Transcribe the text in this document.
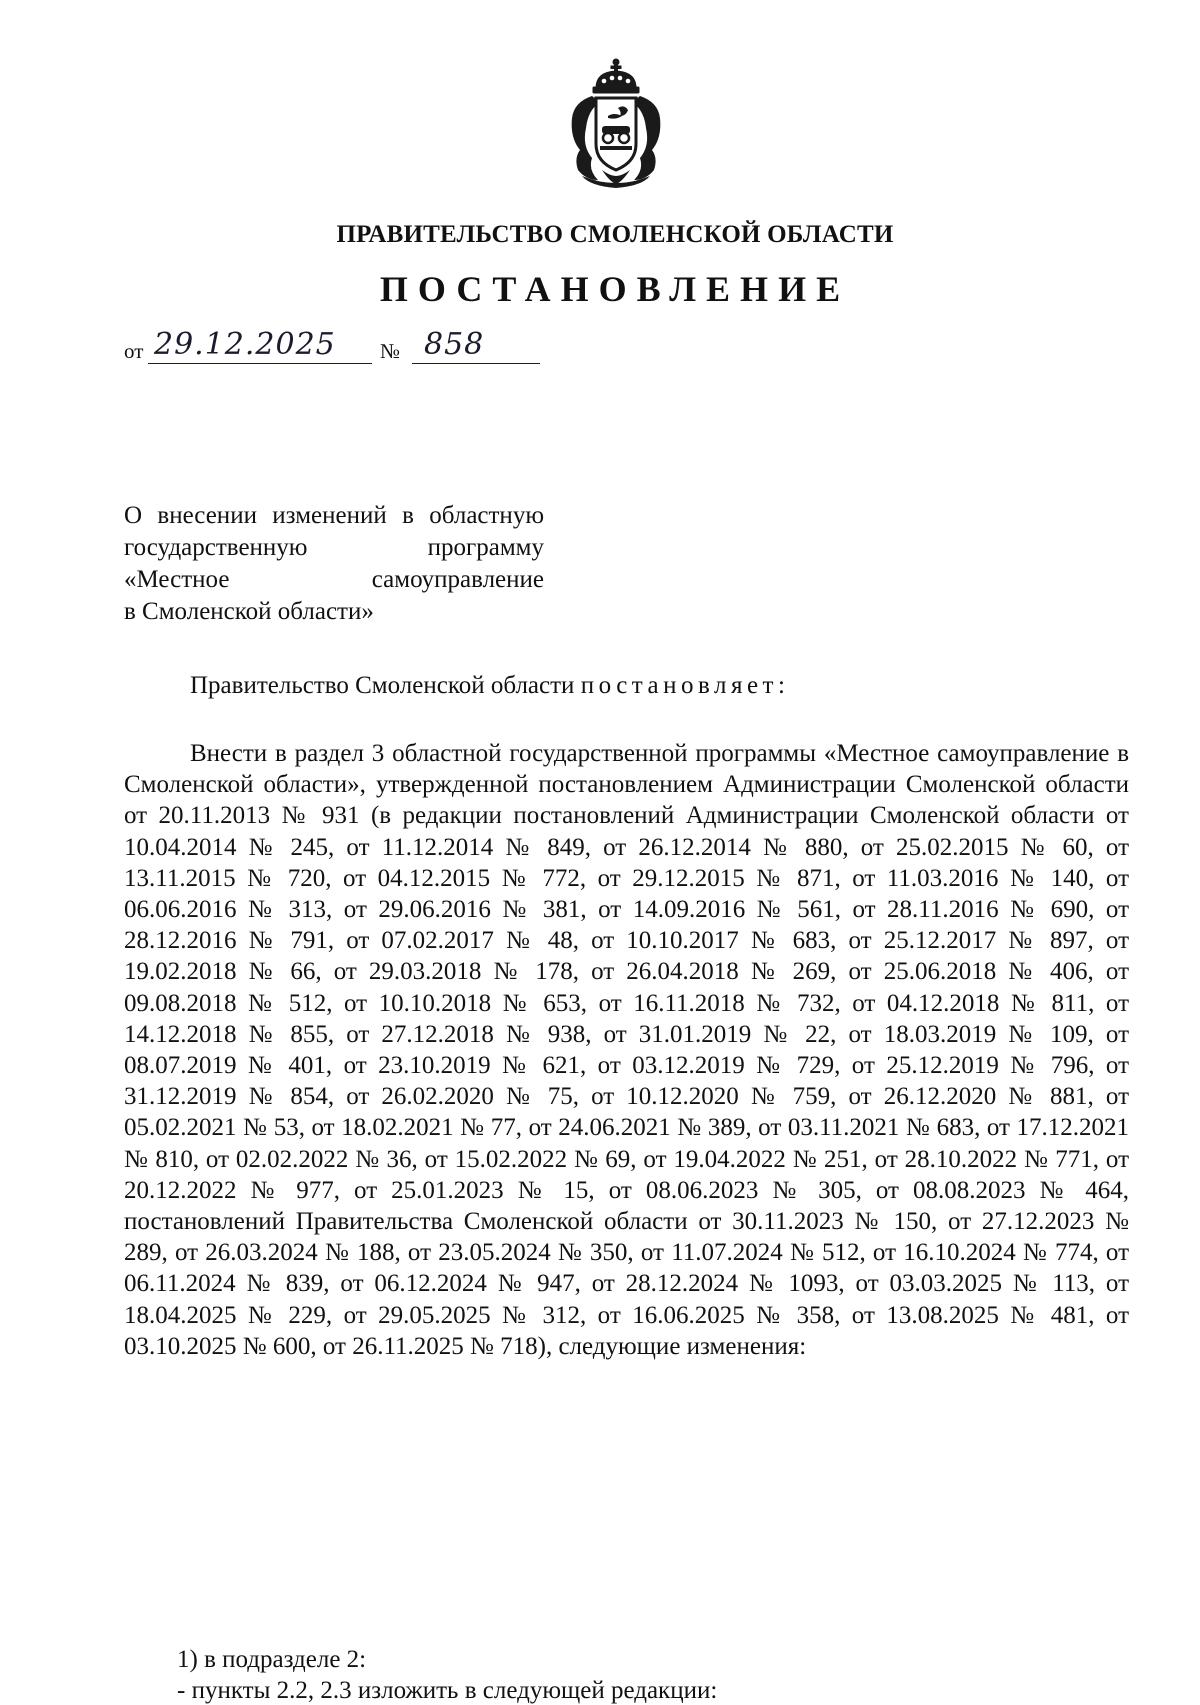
ПРАВИТЕЛЬСТВО СМОЛЕНСКОЙ ОБЛАСТИ
ПОСТАНОВЛЕНИЕ
от 29.12.2025 № 858
О внесении изменений в областную
государственную программу
«Местное самоуправление
в Смоленской области»
Правительство Смоленской области постановляет:
Внести в раздел 3 областной государственной программы «Местное самоуправление в Смоленской области», утвержденной постановлением Администрации Смоленской области от 20.11.2013 № 931 (в редакции постановлений Администрации Смоленской области от 10.04.2014 № 245, от 11.12.2014 № 849, от 26.12.2014 № 880, от 25.02.2015 № 60, от 13.11.2015 № 720, от 04.12.2015 № 772, от 29.12.2015 № 871, от 11.03.2016 № 140, от 06.06.2016 № 313, от 29.06.2016 № 381, от 14.09.2016 № 561, от 28.11.2016 № 690, от 28.12.2016 № 791, от 07.02.2017 № 48, от 10.10.2017 № 683, от 25.12.2017 № 897, от 19.02.2018 № 66, от 29.03.2018 № 178, от 26.04.2018 № 269, от 25.06.2018 № 406, от 09.08.2018 № 512, от 10.10.2018 № 653, от 16.11.2018 № 732, от 04.12.2018 № 811, от 14.12.2018 № 855, от 27.12.2018 № 938, от 31.01.2019 № 22, от 18.03.2019 № 109, от 08.07.2019 № 401, от 23.10.2019 № 621, от 03.12.2019 № 729, от 25.12.2019 № 796, от 31.12.2019 № 854, от 26.02.2020 № 75, от 10.12.2020 № 759, от 26.12.2020 № 881, от 05.02.2021 № 53, от 18.02.2021 № 77, от 24.06.2021 № 389, от 03.11.2021 № 683, от 17.12.2021 № 810, от 02.02.2022 № 36, от 15.02.2022 № 69, от 19.04.2022 № 251, от 28.10.2022 № 771, от 20.12.2022 № 977, от 25.01.2023 № 15, от 08.06.2023 № 305, от 08.08.2023 № 464, постановлений Правительства Смоленской области от 30.11.2023 № 150, от 27.12.2023 № 289, от 26.03.2024 № 188, от 23.05.2024 № 350, от 11.07.2024 № 512, от 16.10.2024 № 774, от 06.11.2024 № 839, от 06.12.2024 № 947, от 28.12.2024 № 1093, от 03.03.2025 № 113, от 18.04.2025 № 229, от 29.05.2025 № 312, от 16.06.2025 № 358, от 13.08.2025 № 481, от 03.10.2025 № 600, от 26.11.2025 № 718), следующие изменения:
1) в подразделе 2:
- пункты 2.2, 2.3 изложить в следующей редакции:
